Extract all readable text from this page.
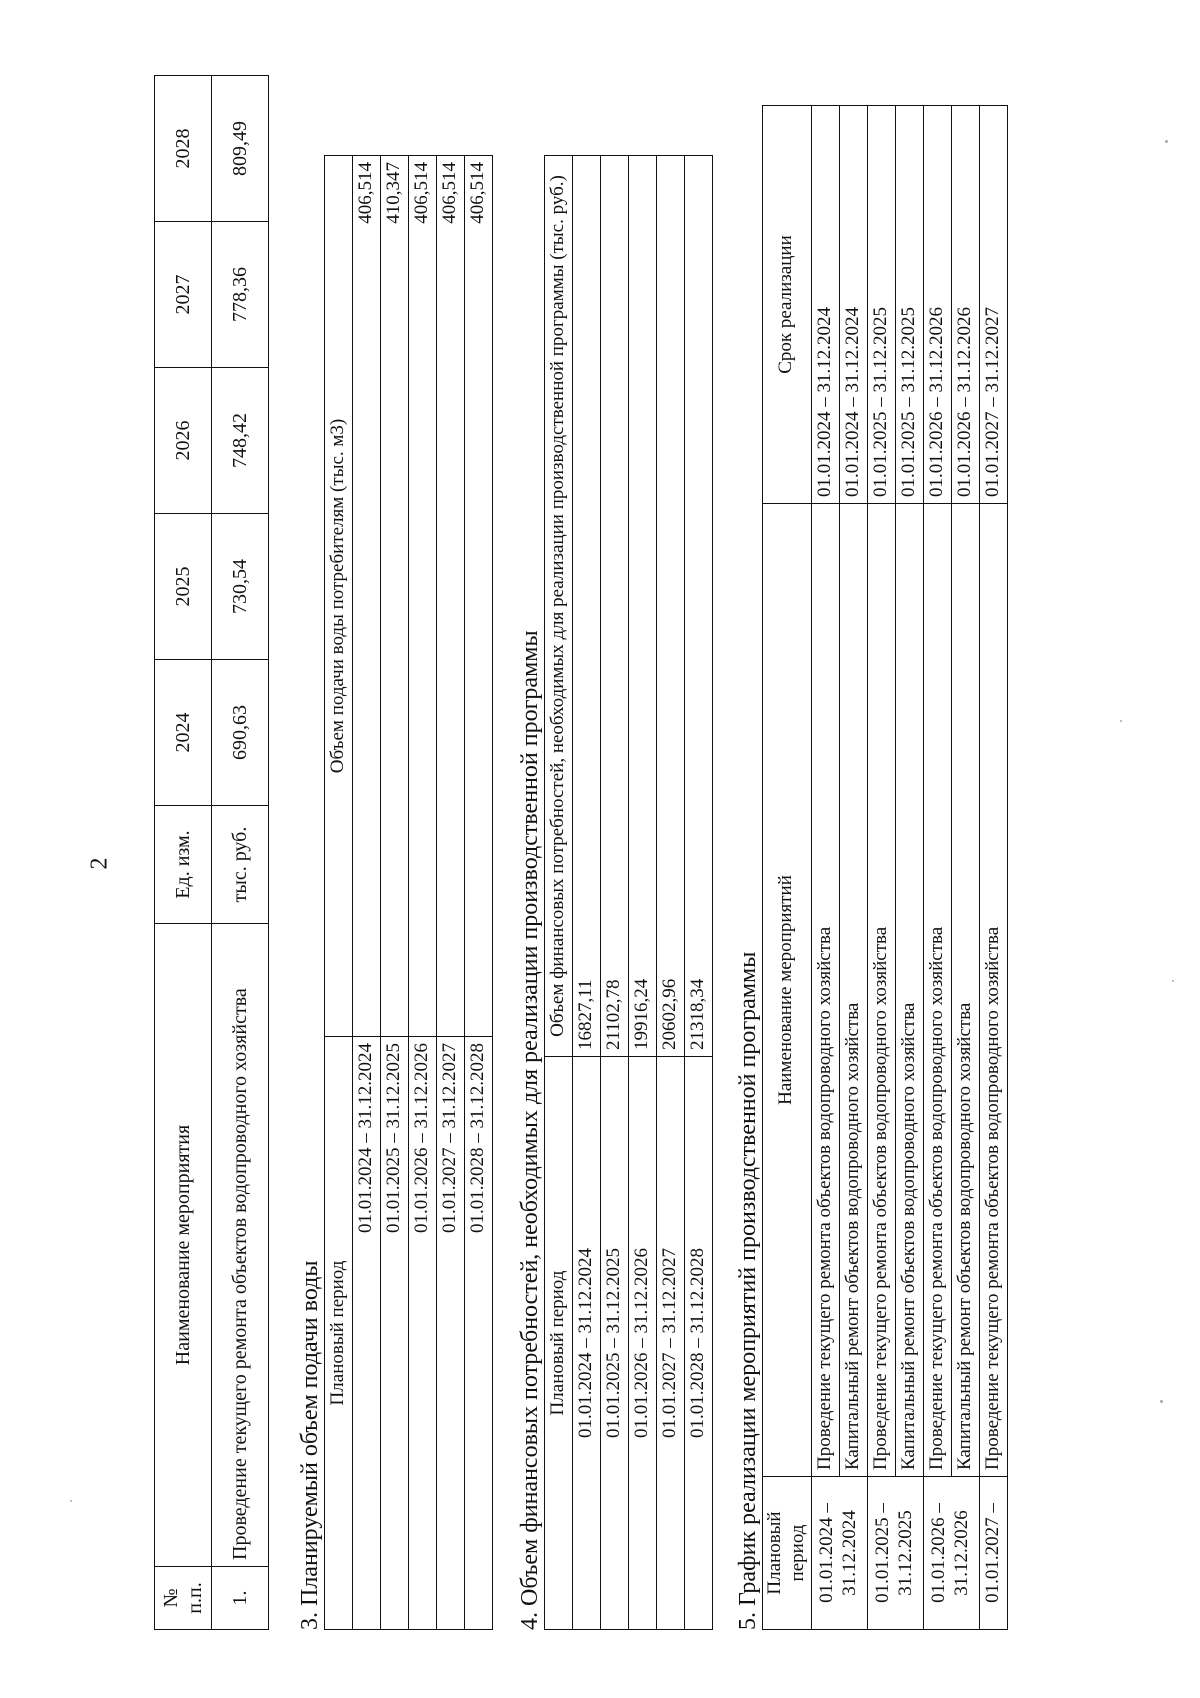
2
№ п.п.	Наименование мероприятия	Ед. изм.	2024	2025	2026	2027	2028
1.	Проведение текущего ремонта объектов водопроводного хозяйства	тыс. руб.	690,63	730,54	748,42	778,36	809,49

3. Планируемый объем подачи воды Плановый период	Объем подачи воды потребителям (тыс. м3)
01.01.2024 – 31.12.2024	406,514
01.01.2025 – 31.12.2025	410,347
01.01.2026 – 31.12.2026	406,514
01.01.2027 – 31.12.2027	406,514
01.01.2028 – 31.12.2028	406,514

4. Объем финансовых потребностей, необходимых для реализации производственной программы Плановый период	Объем финансовых потребностей, необходимых для реализации производственной программы (тыс. руб.)
01.01.2024 – 31.12.2024	16827,11
01.01.2025 – 31.12.2025	21102,78
01.01.2026 – 31.12.2026	19916,24
01.01.2027 – 31.12.2027	20602,96
01.01.2028 – 31.12.2028	21318,34 5. График реализации мероприятий производственной программы Плановый период	Наименование мероприятий	Срок реализации
01.01.2024 – 31.12.2024	Проведение текущего ремонта объектов водопроводного хозяйства	01.01.2024 – 31.12.2024
	Капитальный ремонт объектов водопроводного хозяйства	01.01.2024 – 31.12.2024
01.01.2025 – 31.12.2025	Проведение текущего ремонта объектов водопроводного хозяйства	01.01.2025 – 31.12.2025
	Капитальный ремонт объектов водопроводного хозяйства	01.01.2025 – 31.12.2025
01.01.2026 – 31.12.2026	Проведение текущего ремонта объектов водопроводного хозяйства	01.01.2026 – 31.12.2026
	Капитальный ремонт объектов водопроводного хозяйства	01.01.2026 – 31.12.2026
01.01.2027 –	Проведение текущего ремонта объектов водопроводного хозяйства	01.01.2027 – 31.12.2027
